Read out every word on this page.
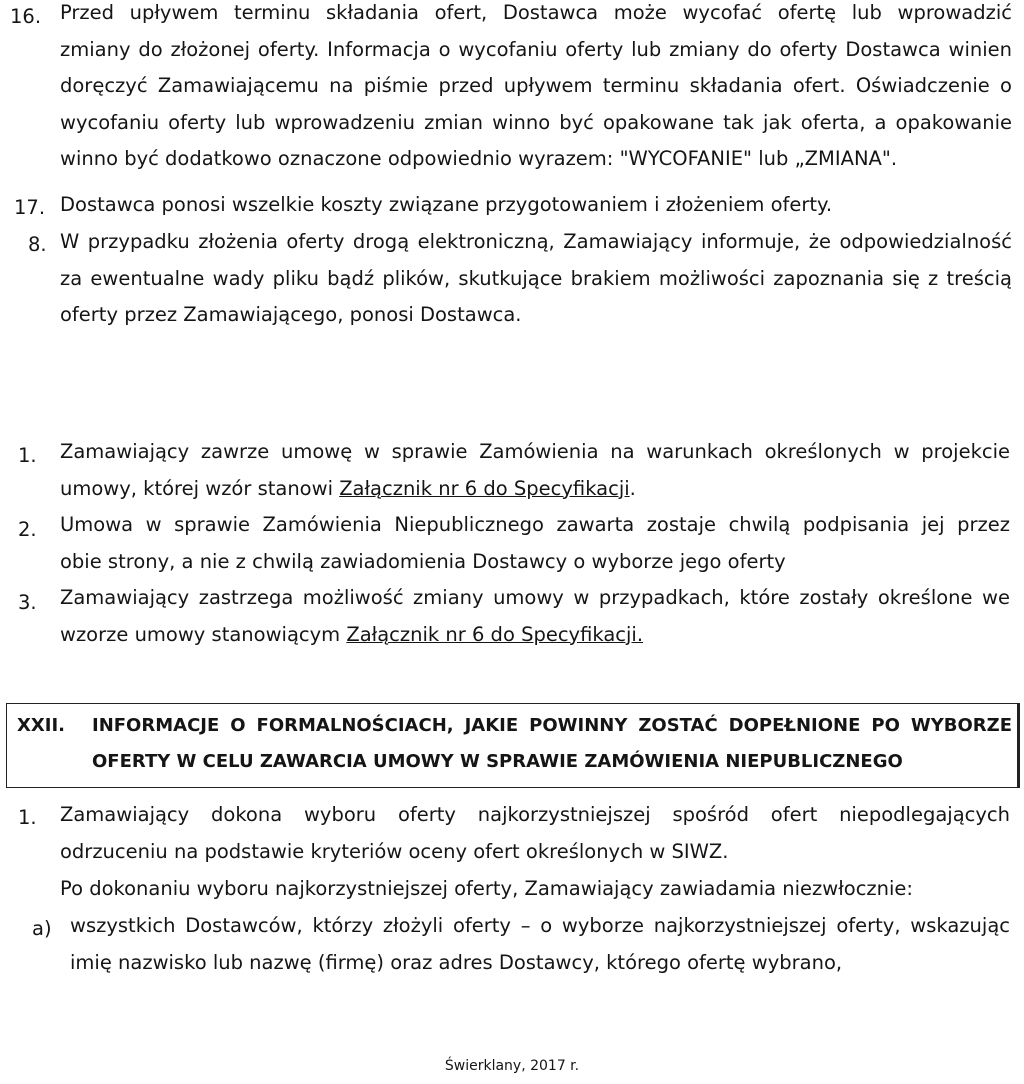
16. Przed upływem terminu składania ofert, Dostawca może wycofać ofertę lub wprowadzić
zmiany do złożonej oferty. Informacja o wycofaniu oferty lub zmiany do oferty Dostawca winien
doręczyć Zamawiającemu na piśmie przed upływem terminu składania ofert. Oświadczenie o
wycofaniu oferty lub wprowadzeniu zmian winno być opakowane tak jak oferta, a opakowanie
winno być dodatkowo oznaczone odpowiednio wyrazem: "WYCOFANIE" lub „ZMIANA".
17. Dostawca ponosi wszelkie koszty związane przygotowaniem i złożeniem oferty.
8. W przypadku złożenia oferty drogą elektroniczną, Zamawiający informuje, że odpowiedzialność
za ewentualne wady pliku bądź plików, skutkujące brakiem możliwości zapoznania się z treścią
oferty przez Zamawiającego, ponosi Dostawca.
1. Zamawiający zawrze umowę w sprawie Zamówienia na warunkach określonych w projekcie
umowy, której wzór stanowi Załącznik nr 6 do Specyfikacji.
2. Umowa w sprawie Zamówienia Niepublicznego zawarta zostaje chwilą podpisania jej przez
obie strony, a nie z chwilą zawiadomienia Dostawcy o wyborze jego oferty
3. Zamawiający zastrzega możliwość zmiany umowy w przypadkach, które zostały określone we
wzorze umowy stanowiącym Załącznik nr 6 do Specyfikacji.
XXII. INFORMACJE O FORMALNOŚCIACH, JAKIE POWINNY ZOSTAĆ DOPEŁNIONE PO WYBORZE
OFERTY W CELU ZAWARCIA UMOWY W SPRAWIE ZAMÓWIENIA NIEPUBLICZNEGO
1. Zamawiający dokona wyboru oferty najkorzystniejszej spośród ofert niepodlegających
odrzuceniu na podstawie kryteriów oceny ofert określonych w SIWZ.
Po dokonaniu wyboru najkorzystniejszej oferty, Zamawiający zawiadamia niezwłocznie:
a) wszystkich Dostawców, którzy złożyli oferty – o wyborze najkorzystniejszej oferty, wskazując
imię nazwisko lub nazwę (firmę) oraz adres Dostawcy, którego ofertę wybrano,
Świerklany, 2017 r.
